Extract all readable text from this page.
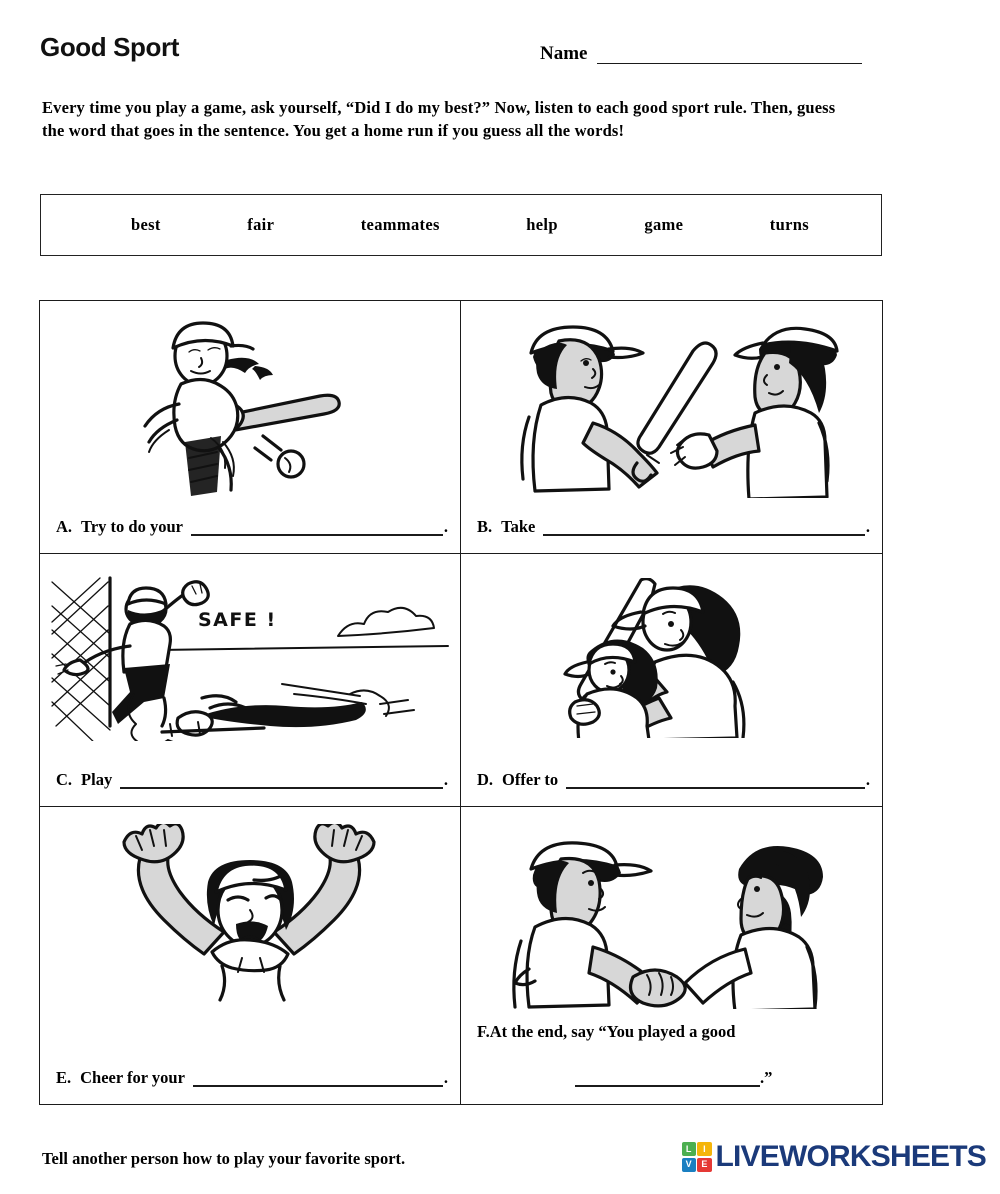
Good Sport	Name
Every time you play a game, ask yourself, “Did I do my best?” Now, listen to each good sport rule. Then, guess the word that goes in the sentence. You get a home run if you guess all the words!
best	fair	teammates	help	game	turns
A. Try to do your	. B. Take	.
SAFE !
C. Play	. D. Offer to	.
E. Cheer for your	.
F. At the end, say “You played a good
.”
Tell another person how to play your favorite sport.
L	I
V	E LIVEWORKSHEETS
